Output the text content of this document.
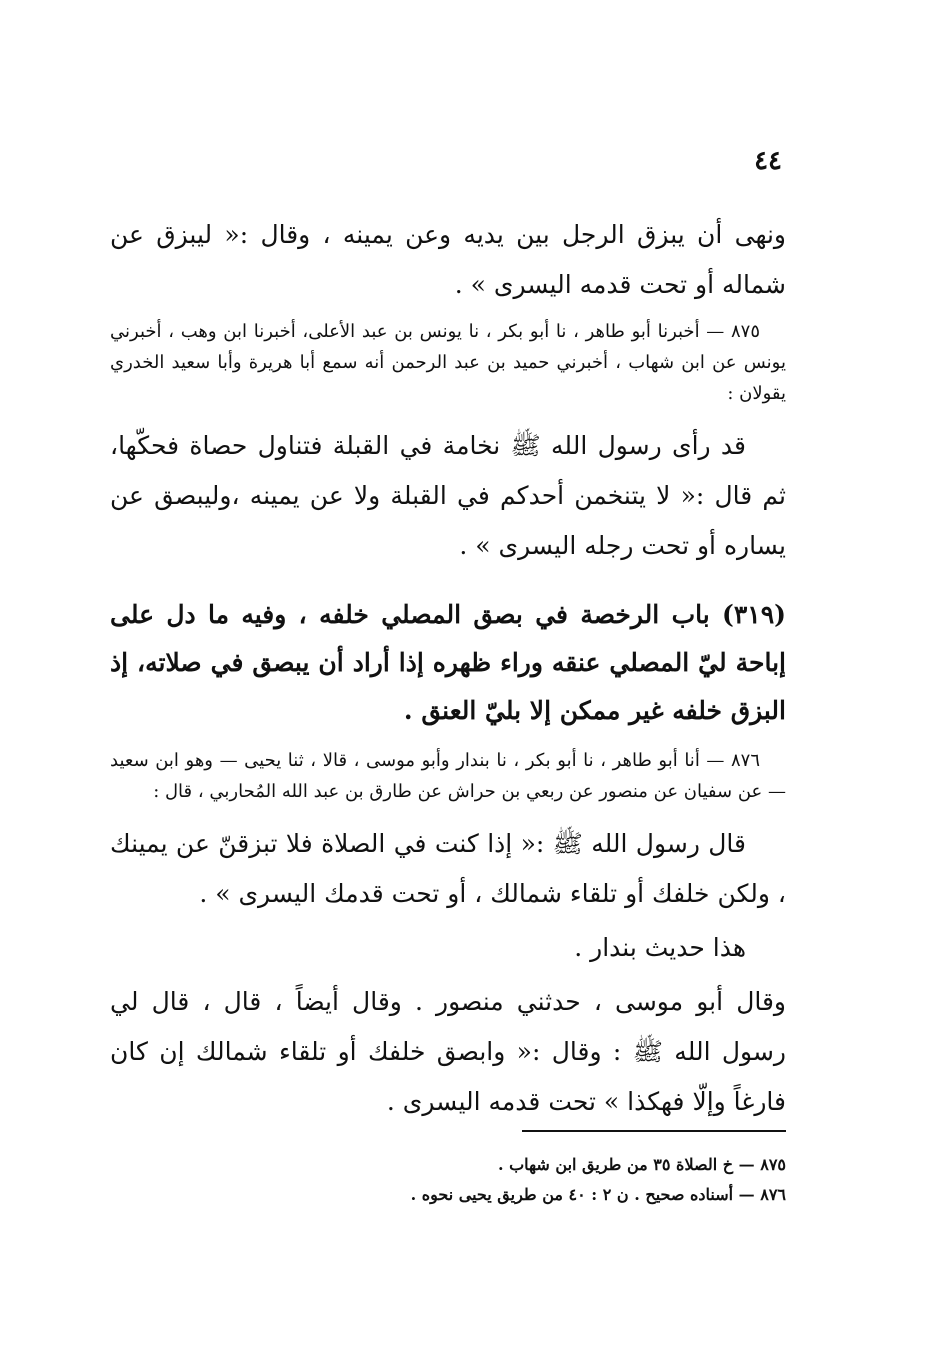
٤٤

ونهى أن يبزق الرجل بين يديه وعن يمينه ، وقال :« ليبزق عن شماله أو تحت قدمه اليسرى » .

٨٧٥ — أخبرنا أبو طاهر ، نا أبو بكر ، نا يونس بن عبد الأعلى، أخبرنا ابن وهب ، أخبرني يونس عن ابن شهاب ، أخبرني حميد بن عبد الرحمن أنه سمع أبا هريرة وأبا سعيد الخدري يقولان :

قد رأى رسول الله ﷺ نخامة في القبلة فتناول حصاة فحكّها، ثم قال :« لا يتنخمن أحدكم في القبلة ولا عن يمينه ،وليبصق عن يساره أو تحت رجله اليسرى » .

(٣١٩) باب الرخصة في بصق المصلي خلفه ، وفيه ما دل على إباحة ليّ المصلي عنقه وراء ظهره إذا أراد أن يبصق في صلاته، إذ البزق خلفه غير ممكن إلا بليّ العنق .

٨٧٦ — أنا أبو طاهر ، نا أبو بكر ، نا بندار وأبو موسى ، قالا ، ثنا يحيى — وهو ابن سعيد — عن سفيان عن منصور عن ربعي بن حراش عن طارق بن عبد الله المُحاربي ، قال :

قال رسول الله ﷺ :« إذا كنت في الصلاة فلا تبزقنّ عن يمينك ، ولكن خلفك أو تلقاء شمالك ، أو تحت قدمك اليسرى » .

هذا حديث بندار .

وقال أبو موسى ، حدثني منصور . وقال أيضاً ، قال ، قال لي رسول الله ﷺ : وقال :« وابصق خلفك أو تلقاء شمالك إن كان فارغاً وإلّا فهكذا » تحت قدمه اليسرى .

٨٧٥ — خ الصلاة ٣٥ من طريق ابن شهاب .

٨٧٦ — أسناده صحيح . ن ٢ : ٤٠ من طريق يحيى نحوه .
